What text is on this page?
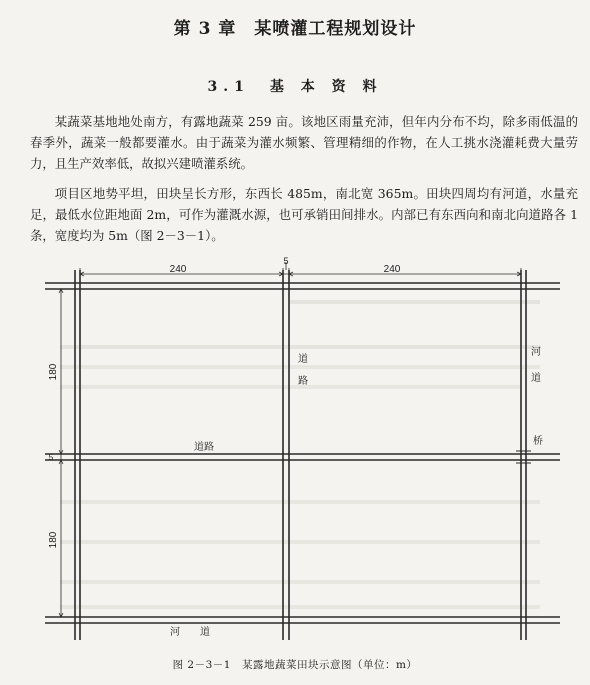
第 3 章　某喷灌工程规划设计
3.1　基 本 资 料
某蔬菜基地地处南方，有露地蔬菜 259 亩。该地区雨量充沛，但年内分布不均，除多雨低温的春季外，蔬菜一般都要灌水。由于蔬菜为灌水频繁、管理精细的作物，在人工挑水浇灌耗费大量劳力，且生产效率低，故拟兴建喷灌系统。
项目区地势平坦，田块呈长方形，东西长 485m，南北宽 365m。田块四周均有河道，水量充足，最低水位距地面 2m，可作为灌溉水源，也可承销田间排水。内部已有东西向和南北向道路各 1 条，宽度均为 5m（图 2－3－1）。
240
5
240
180
5
180
道
路
道路
河
道
桥
河　　道
图 2－3－1　某露地蔬菜田块示意图（单位：m）
